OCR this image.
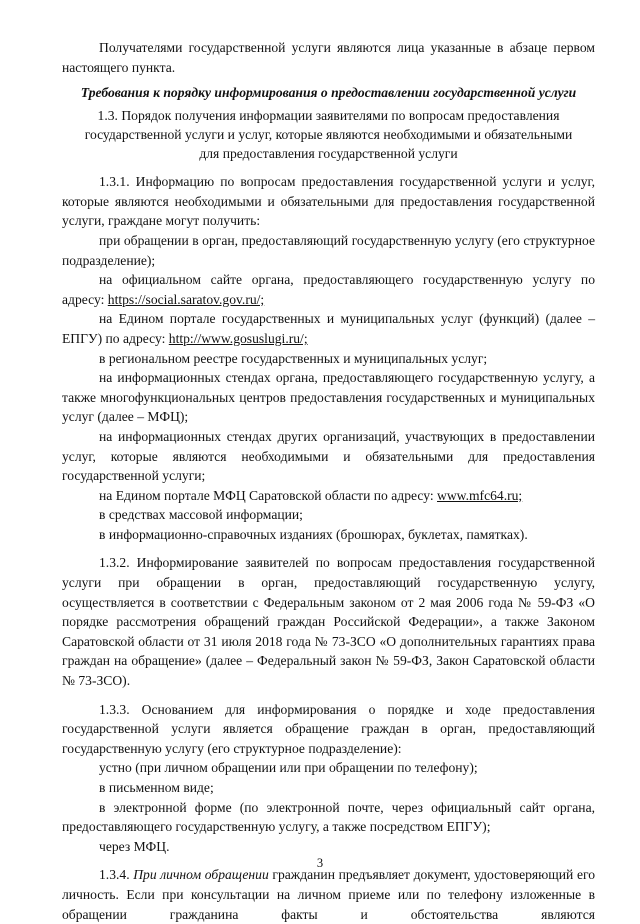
Получателями государственной услуги являются лица указанные в абзаце первом настоящего пункта.

Требования к порядку информирования о предоставлении государственной услуги

1.3. Порядок получения информации заявителями по вопросам предоставления государственной услуги и услуг, которые являются необходимыми и обязательными для предоставления государственной услуги

1.3.1. Информацию по вопросам предоставления государственной услуги и услуг, которые являются необходимыми и обязательными для предоставления государственной услуги, граждане могут получить:

при обращении в орган, предоставляющий государственную услугу (его структурное подразделение);

на официальном сайте органа, предоставляющего государственную услугу по адресу: https://social.saratov.gov.ru/;

на Едином портале государственных и муниципальных услуг (функций) (далее – ЕПГУ) по адресу: http://www.gosuslugi.ru/;

в региональном реестре государственных и муниципальных услуг;

на информационных стендах органа, предоставляющего государственную услугу, а также многофункциональных центров предоставления государственных и муниципальных услуг (далее – МФЦ);

на информационных стендах других организаций, участвующих в предоставлении услуг, которые являются необходимыми и обязательными для предоставления государственной услуги;

на Едином портале МФЦ Саратовской области по адресу: www.mfc64.ru;

в средствах массовой информации;

в информационно-справочных изданиях (брошюрах, буклетах, памятках).

1.3.2. Информирование заявителей по вопросам предоставления государственной услуги при обращении в орган, предоставляющий государственную услугу, осуществляется в соответствии с Федеральным законом от 2 мая 2006 года № 59-ФЗ «О порядке рассмотрения обращений граждан Российской Федерации», а также Законом Саратовской области от 31 июля 2018 года № 73-ЗСО «О дополнительных гарантиях права граждан на обращение» (далее – Федеральный закон № 59-ФЗ, Закон Саратовской области № 73-ЗСО).

1.3.3. Основанием для информирования о порядке и ходе предоставления государственной услуги является обращение граждан в орган, предоставляющий государственную услугу (его структурное подразделение):

устно (при личном обращении или при обращении по телефону);

в письменном виде;

в электронной форме (по электронной почте, через официальный сайт органа, предоставляющего государственную услугу, а также посредством ЕПГУ);

через МФЦ.

1.3.4. При личном обращении гражданин предъявляет документ, удостоверяющий его личность. Если при консультации на личном приеме или по телефону изложенные в обращении гражданина факты и обстоятельства являются

3
